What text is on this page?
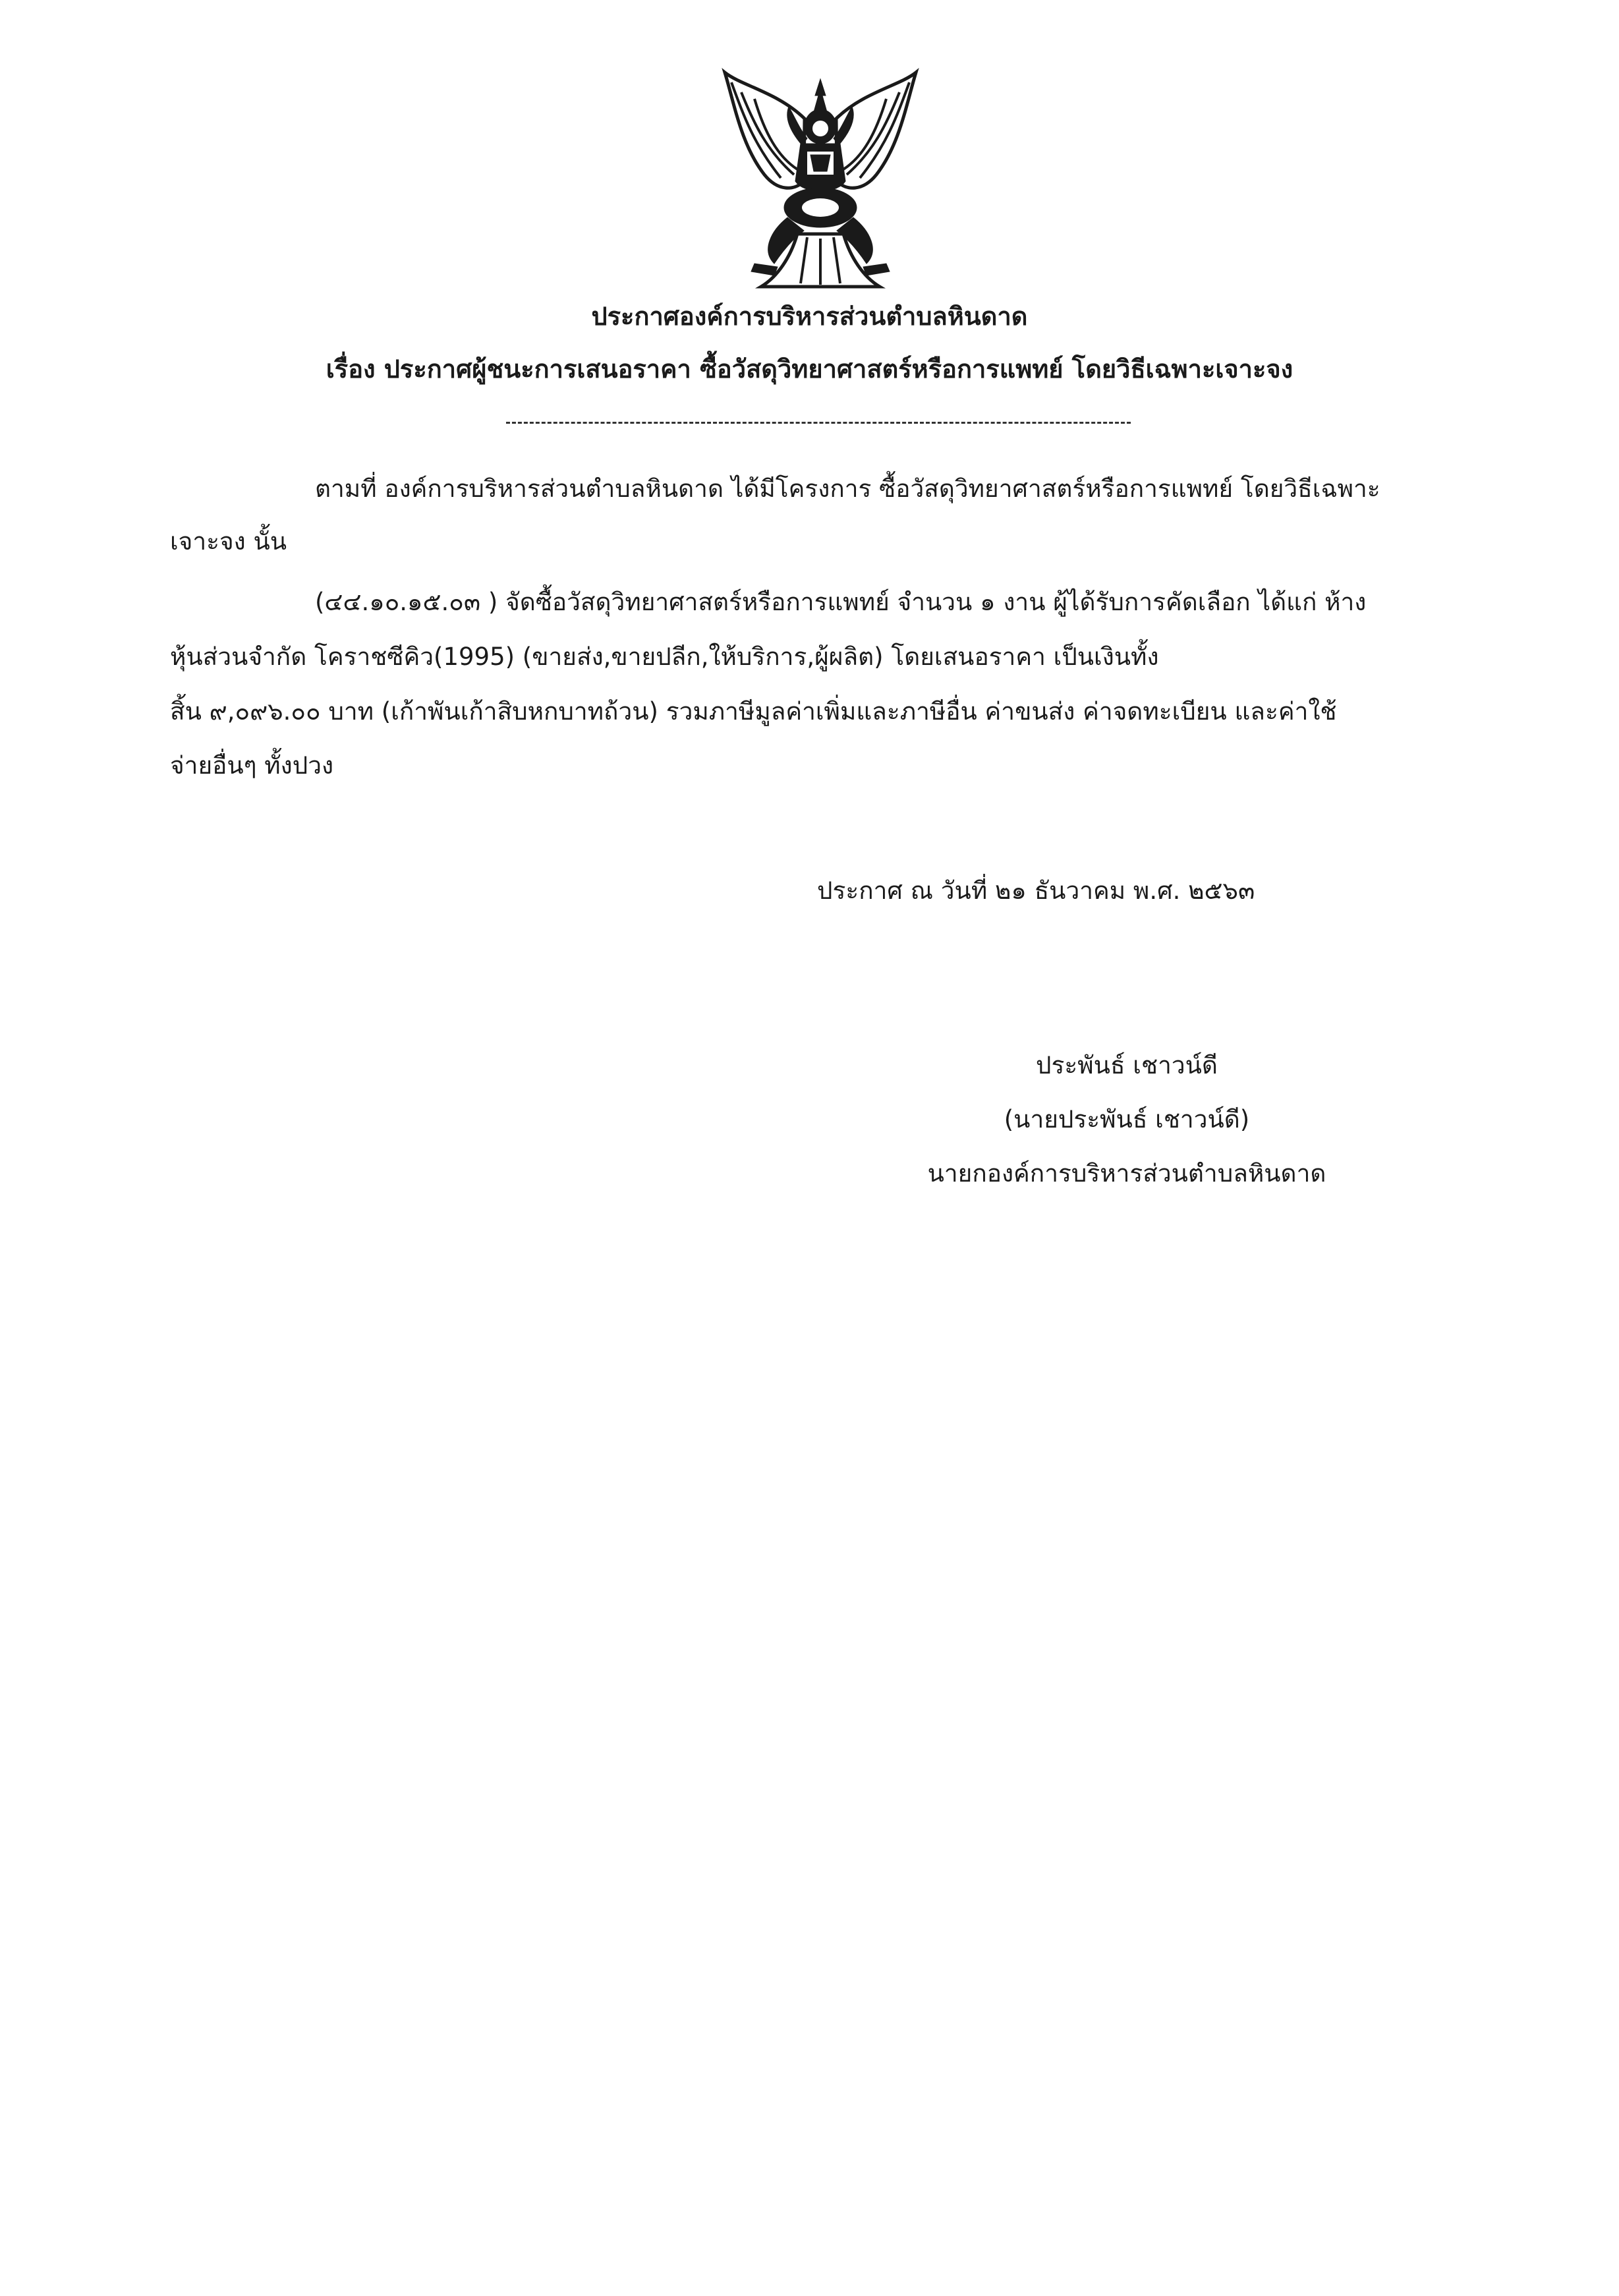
ประกาศองค์การบริหารส่วนตำบลหินดาด
เรื่อง ประกาศผู้ชนะการเสนอราคา ซื้อวัสดุวิทยาศาสตร์หรือการแพทย์ โดยวิธีเฉพาะเจาะจง
ตามที่ องค์การบริหารส่วนตำบลหินดาด ได้มีโครงการ ซื้อวัสดุวิทยาศาสตร์หรือการแพทย์ โดยวิธีเฉพาะ
เจาะจง นั้น
(๔๔.๑๐.๑๕.๐๓ ) จัดซื้อวัสดุวิทยาศาสตร์หรือการแพทย์ จำนวน ๑ งาน ผู้ได้รับการคัดเลือก ได้แก่ ห้าง
หุ้นส่วนจำกัด โคราชซีคิว(1995) (ขายส่ง,ขายปลีก,ให้บริการ,ผู้ผลิต) โดยเสนอราคา เป็นเงินทั้ง
สิ้น ๙,๐๙๖.๐๐ บาท (เก้าพันเก้าสิบหกบาทถ้วน) รวมภาษีมูลค่าเพิ่มและภาษีอื่น ค่าขนส่ง ค่าจดทะเบียน และค่าใช้
จ่ายอื่นๆ ทั้งปวง
ประกาศ ณ วันที่ ๒๑ ธันวาคม พ.ศ. ๒๕๖๓
ประพันธ์ เชาวน์ดี
(นายประพันธ์ เชาวน์ดี)
นายกองค์การบริหารส่วนตำบลหินดาด
